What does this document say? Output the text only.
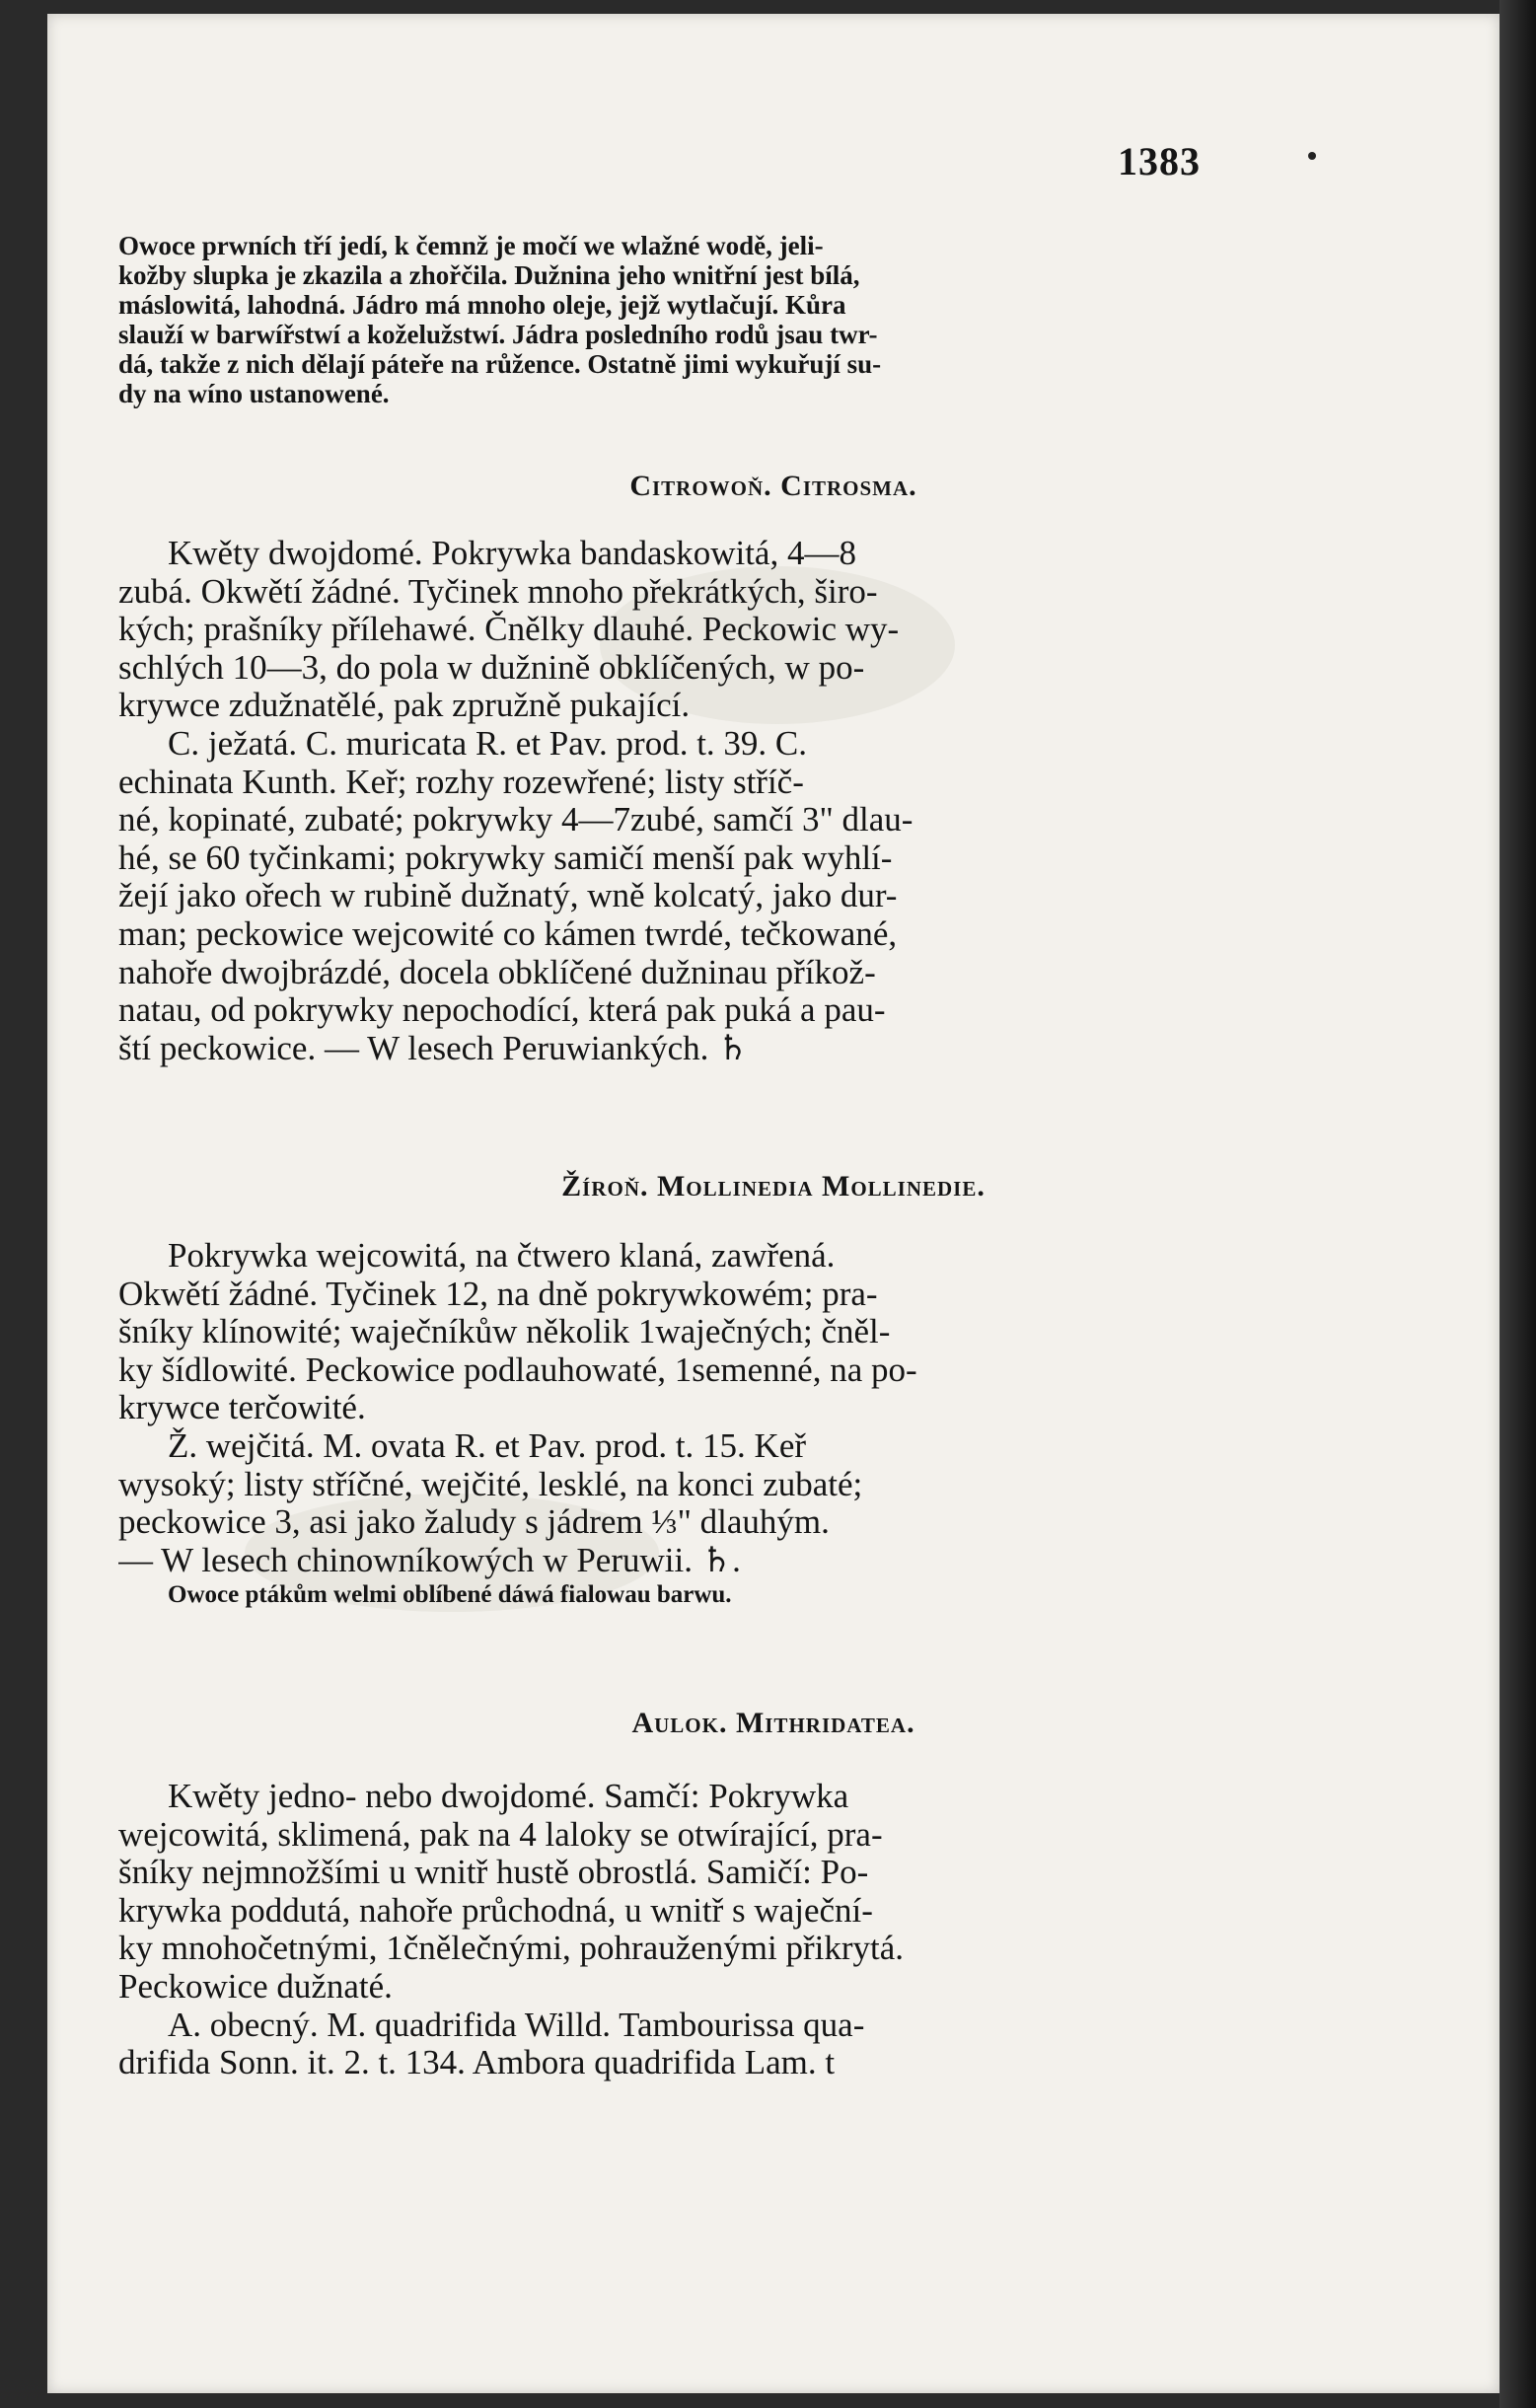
1383
Owoce prwních tří jedí, k čemnž je močí we wlažné wodě, jeli-
kožby slupka je zkazila a zhořčila. Dužnina jeho wnitřní jest bílá,
máslowitá, lahodná. Jádro má mnoho oleje, jejž wytlačují. Kůra
slauží w barwířstwí a koželužstwí. Jádra posledního rodů jsau twr-
dá, takže z nich dělají páteře na růžence. Ostatně jimi wykuřují su-
dy na wíno ustanowené.
Citrowoň. Citrosma.
Kwěty dwojdomé. Pokrywka bandaskowitá, 4—8
zubá. Okwětí žádné. Tyčinek mnoho překrátkých, širo-
kých; prašníky přílehawé. Čnělky dlauhé. Peckowic wy-
schlých 10—3, do pola w dužnině obklíčených, w po-
krywce zdužnatělé, pak zpružně pukající.
C. ježatá. C. muricata R. et Pav. prod. t. 39. C.
echinata Kunth. Keř; rozhy rozewřené; listy stříč-
né, kopinaté, zubaté; pokrywky 4—7zubé, samčí 3" dlau-
hé, se 60 tyčinkami; pokrywky samičí menší pak wyhlí-
žejí jako ořech w rubině dužnatý, wně kolcatý, jako dur-
man; peckowice wejcowité co kámen twrdé, tečkowané,
nahoře dwojbrázdé, docela obklíčené dužninau příkož-
natau, od pokrywky nepochodící, která pak puká a pau-
ští peckowice. — W lesech Peruwiankých. ♄
Žíroň. Mollinedia Mollinedie.
Pokrywka wejcowitá, na čtwero klaná, zawřená.
Okwětí žádné. Tyčinek 12, na dně pokrywkowém; pra-
šníky klínowité; waječníkůw několik 1waječných; čněl-
ky šídlowité. Peckowice podlauhowaté, 1semenné, na po-
krywce terčowité.
Ž. wejčitá. M. ovata R. et Pav. prod. t. 15. Keř
wysoký; listy stříčné, wejčité, lesklé, na konci zubaté;
peckowice 3, asi jako žaludy s jádrem ⅓" dlauhým.
— W lesech chinowníkowých w Peruwii. ♄.
Owoce ptákům welmi oblíbené dáwá fialowau barwu.
Aulok. Mithridatea.
Kwěty jedno- nebo dwojdomé. Samčí: Pokrywka
wejcowitá, sklimená, pak na 4 laloky se otwírající, pra-
šníky nejmnožšími u wnitř hustě obrostlá. Samičí: Po-
krywka poddutá, nahoře průchodná, u wnitř s waječní-
ky mnohočetnými, 1čnělečnými, pohrauženými přikrytá.
Peckowice dužnaté.
A. obecný. M. quadrifida Willd. Tambourissa qua-
drifida Sonn. it. 2. t. 134. Ambora quadrifida Lam. t
